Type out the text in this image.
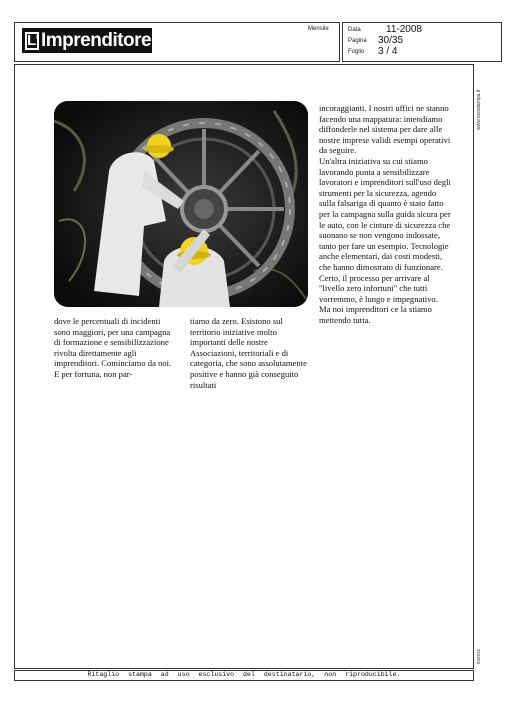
L' Imprenditore
Mensile	Data	11-2008
Pagina 30/35
Foglio 3 / 4
www.ecostampa.it
043915

dove le percentuali di incidenti sono maggiori, per una campagna di formazione e sensibilizzazione rivolta direttamente agli imprenditori. Cominciamo da noi. E per fortuna, non par-

tiamo da zero. Esistono sul territorio iniziative molto importanti delle nostre Associazioni, territoriali e di categoria, che sono assolutamente positive e hanno già conseguito risultati

incoraggianti. I nostri uffici ne stanno facendo una mappatura: intendiamo diffonderle nel sistema per dare alle nostre imprese validi esempi operativi da seguire.

Un'altra iniziativa su cui stiamo lavorando punta a sensibilizzare lavoratori e imprenditori sull'uso degli strumenti per la sicurezza, agendo sulla falsariga di quanto è stato fatto per la campagna sulla guida sicura per le auto, con le cinture di sicurezza che suonano se non vengono indossate, tanto per fare un esempio. Tecnologie anche elementari, dai costi modesti, che hanno dimostrato di funzionare. Certo, il processo per arrivare al "livello zero infortuni" che tutti vorremmo, è lungo e impegnativo. Ma noi imprenditori ce la stiamo mettendo tutta.

Ritaglio stampa ad uso esclusivo del destinatario, non riproducibile.
